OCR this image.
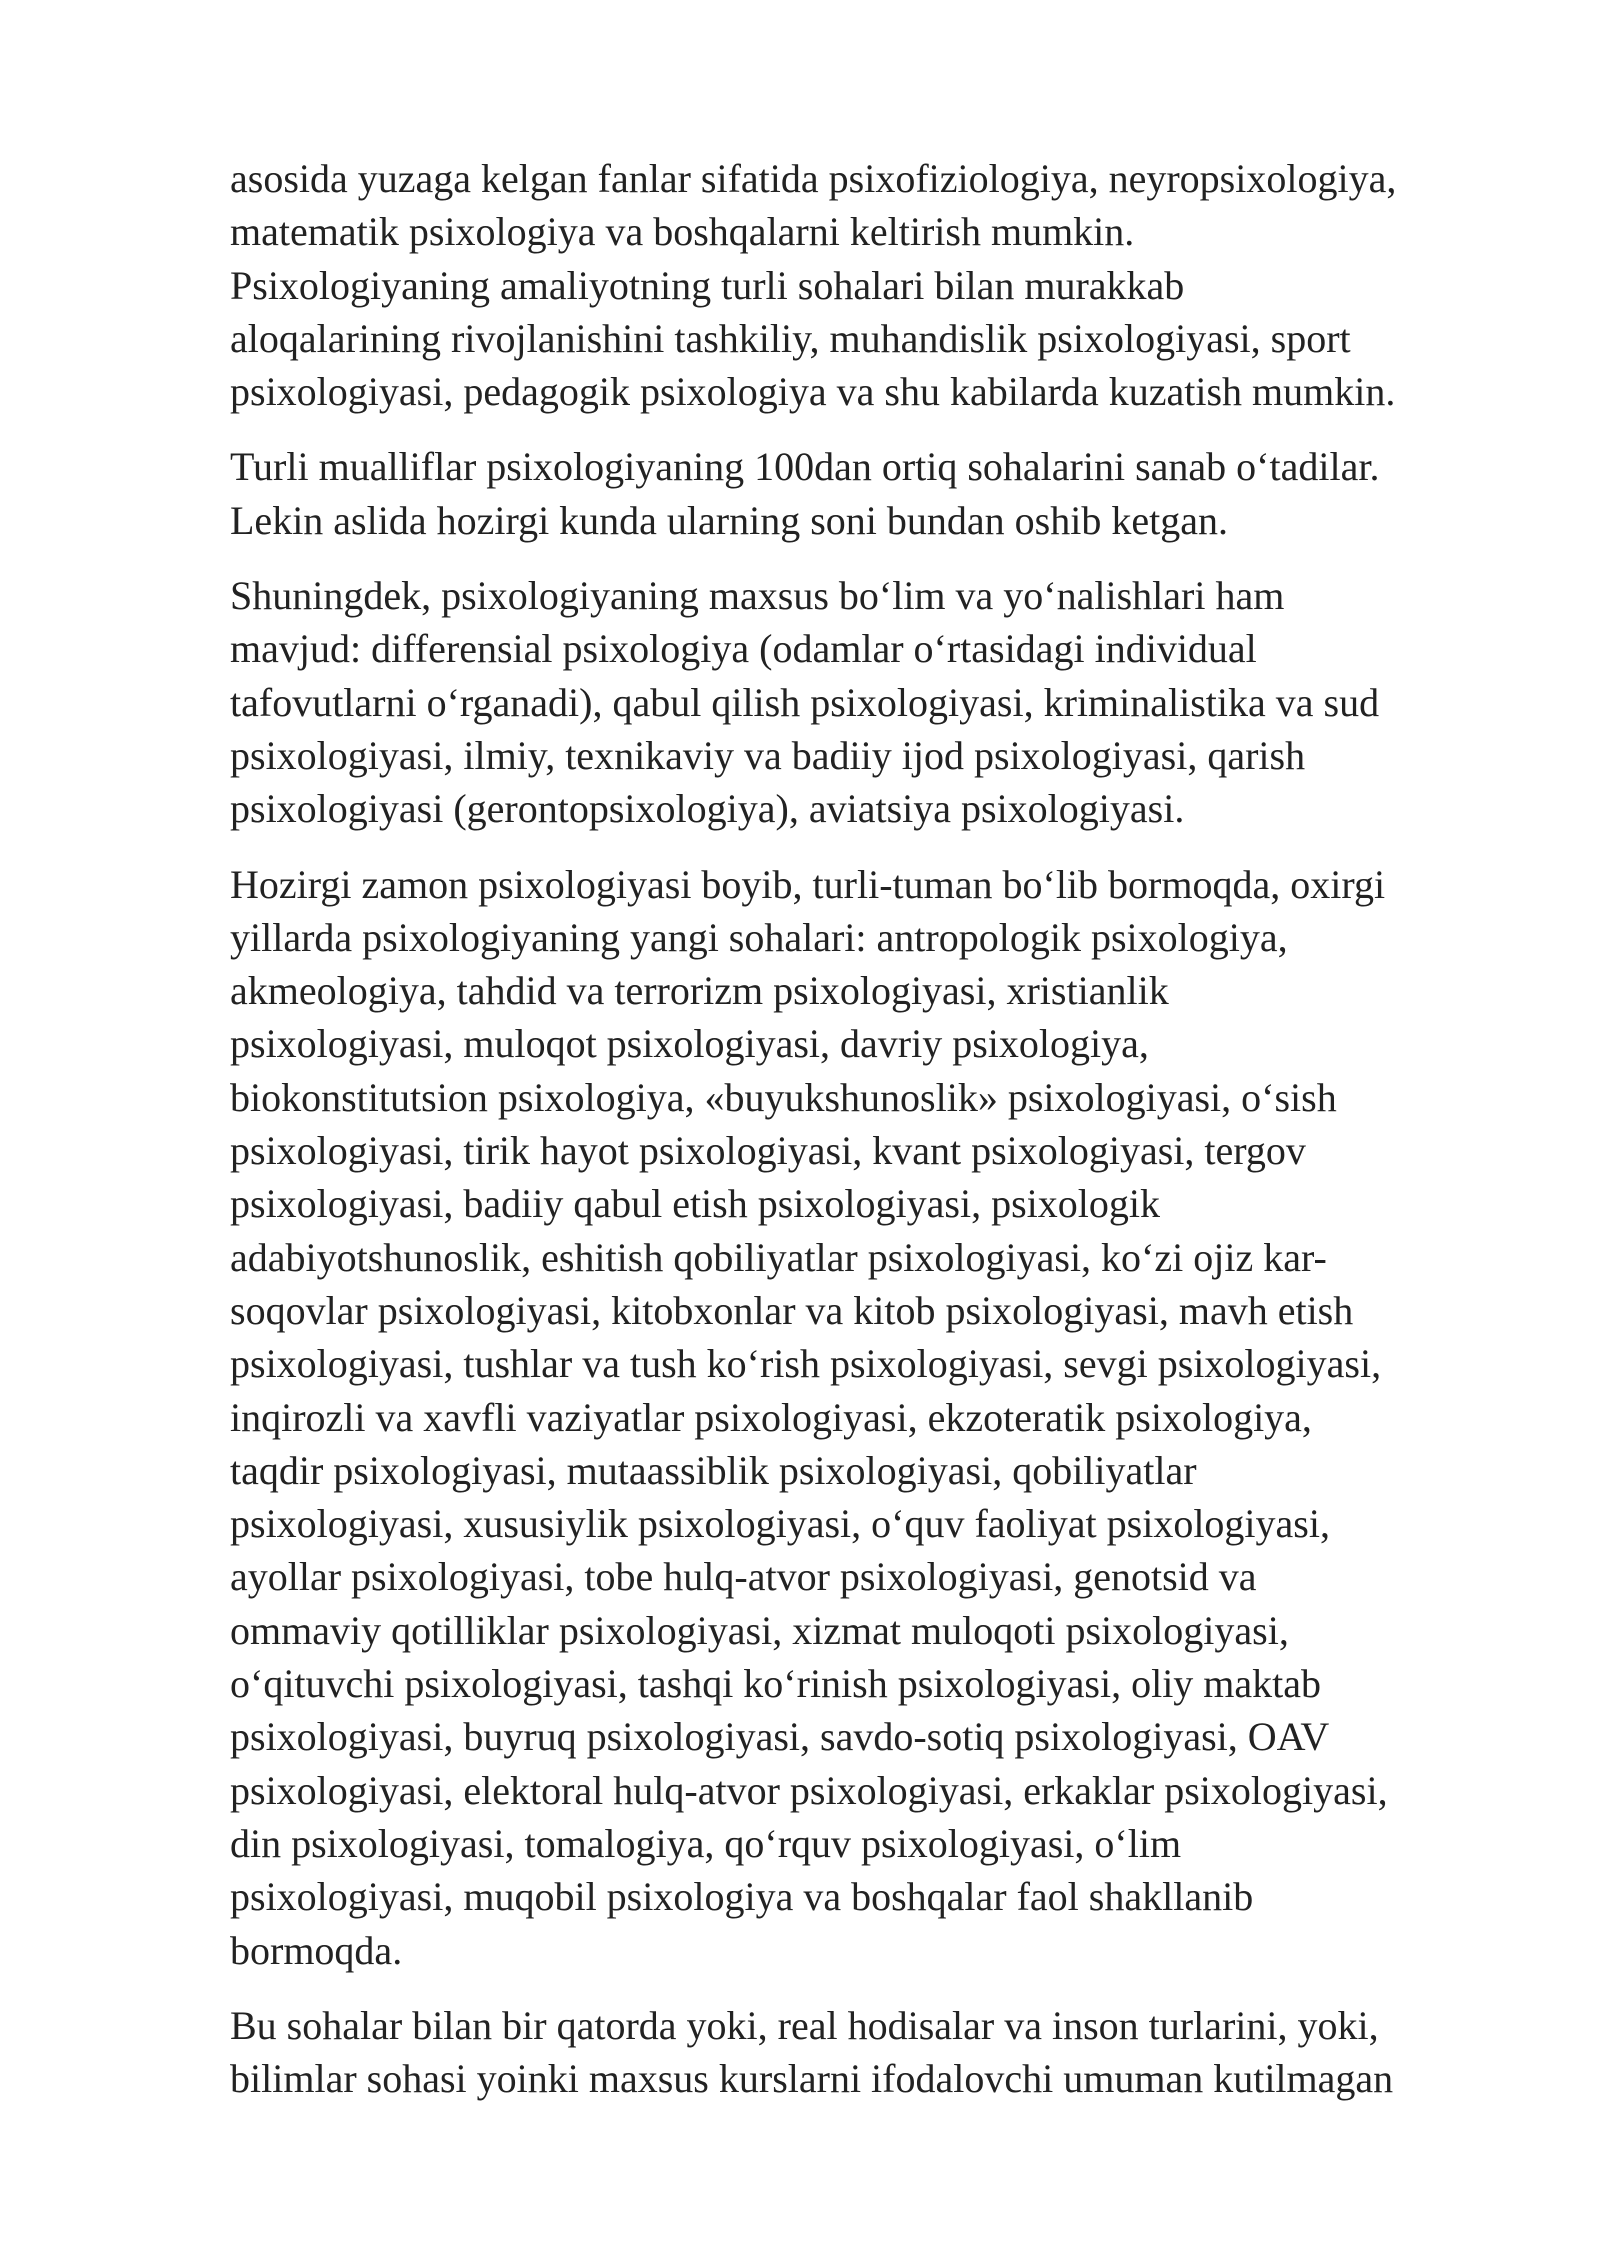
asosida yuzaga kelgan fanlar sifatida psixofiziologiya, neyropsixologiya,
matematik psixologiya va boshqalarni keltirish mumkin.
Psixologiyaning amaliyotning turli sohalari bilan murakkab
aloqalarining rivojlanishini tashkiliy, muhandislik psixologiyasi, sport
psixologiyasi, pedagogik psixologiya va shu kabilarda kuzatish mumkin.

Turli mualliflar psixologiyaning 100dan ortiq sohalarini sanab o‘tadilar.
Lekin aslida hozirgi kunda ularning soni bundan oshib ketgan.

Shuningdek, psixologiyaning maxsus bo‘lim va yo‘nalishlari ham
mavjud: differensial psixologiya (odamlar o‘rtasidagi individual
tafovutlarni o‘rganadi), qabul qilish psixologiyasi, kriminalistika va sud
psixologiyasi, ilmiy, texnikaviy va badiiy ijod psixologiyasi, qarish
psixologiyasi (gerontopsixologiya), aviatsiya psixologiyasi.

Hozirgi zamon psixologiyasi boyib, turli-tuman bo‘lib bormoqda, oxirgi
yillarda psixologiyaning yangi sohalari: antropologik psixologiya,
akmeologiya, tahdid va terrorizm psixologiyasi, xristianlik
psixologiyasi, muloqot psixologiyasi, davriy psixologiya,
biokonstitutsion psixologiya, «buyukshunoslik» psixologiyasi, o‘sish
psixologiyasi, tirik hayot psixologiyasi, kvant psixologiyasi, tergov
psixologiyasi, badiiy qabul etish psixologiyasi, psixologik
adabiyotshunoslik, eshitish qobiliyatlar psixologiyasi, ko‘zi ojiz kar-
soqovlar psixologiyasi, kitobxonlar va kitob psixologiyasi, mavh etish
psixologiyasi, tushlar va tush ko‘rish psixologiyasi, sevgi psixologiyasi,
inqirozli va xavfli vaziyatlar psixologiyasi, ekzoteratik psixologiya,
taqdir psixologiyasi, mutaassiblik psixologiyasi, qobiliyatlar
psixologiyasi, xususiylik psixologiyasi, o‘quv faoliyat psixologiyasi,
ayollar psixologiyasi, tobe hulq-atvor psixologiyasi, genotsid va
ommaviy qotilliklar psixologiyasi, xizmat muloqoti psixologiyasi,
o‘qituvchi psixologiyasi, tashqi ko‘rinish psixologiyasi, oliy maktab
psixologiyasi, buyruq psixologiyasi, savdo-sotiq psixologiyasi, OAV
psixologiyasi, elektoral hulq-atvor psixologiyasi, erkaklar psixologiyasi,
din psixologiyasi, tomalogiya, qo‘rquv psixologiyasi, o‘lim
psixologiyasi, muqobil psixologiya va boshqalar faol shakllanib
bormoqda.

Bu sohalar bilan bir qatorda yoki, real hodisalar va inson turlarini, yoki,
bilimlar sohasi yoinki maxsus kurslarni ifodalovchi umuman kutilmagan
